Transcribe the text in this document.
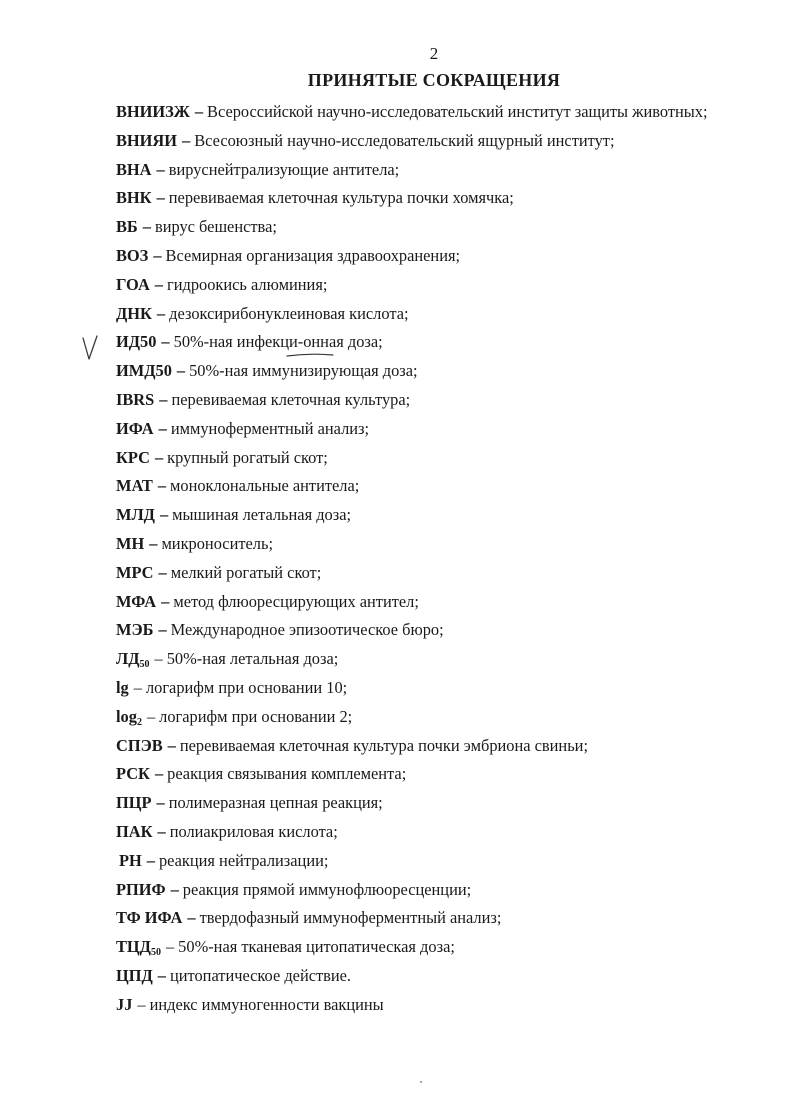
2
ПРИНЯТЫЕ СОКРАЩЕНИЯ
ВНИИЗЖ – Всероссийской научно-исследовательский институт защиты животных;
ВНИЯИ – Всесоюзный научно-исследовательский ящурный институт;
ВНА – вируснейтрализующие антитела;
ВНК – перевиваемая клеточная культура почки хомячка;
ВБ – вирус бешенства;
ВОЗ – Всемирная организация здравоохранения;
ГОА – гидроокись алюминия;
ДНК – дезоксирибонуклеиновая кислота;
ИД50 – 50%-ная инфекци-онная доза;
ИМД50 – 50%-ная иммунизирующая доза;
IBRS – перевиваемая клеточная культура;
ИФА – иммуноферментный анализ;
КРС – крупный рогатый скот;
МАТ – моноклональные антитела;
МЛД – мышиная летальная доза;
МН – микроноситель;
МРС – мелкий рогатый скот;
МФА – метод флюоресцирующих антител;
МЭБ – Международное эпизоотическое бюро;
$ЛД_{50} - 50\%-ная$ летальная доза;
lg – логарифм при основании 10;
$\log_2$ – логарифм при основании 2;
СПЭВ – перевиваемая клеточная культура почки эмбриона свиньи;
РСК – реакция связывания комплемента;
ПЦР – полимеразная цепная реакция;
ПАК – полиакриловая кислота;
РН – реакция нейтрализации;
РПИФ – реакция прямой иммунофлюоресценции;
ТФ ИФА – твердофазный иммуноферментный анализ;
$ТЦД_{50} - 50\%-ная$ тканевая цитопатическая доза;
ЦПД – цитопатическое действие.
JJ – индекс иммуногенности вакцины
